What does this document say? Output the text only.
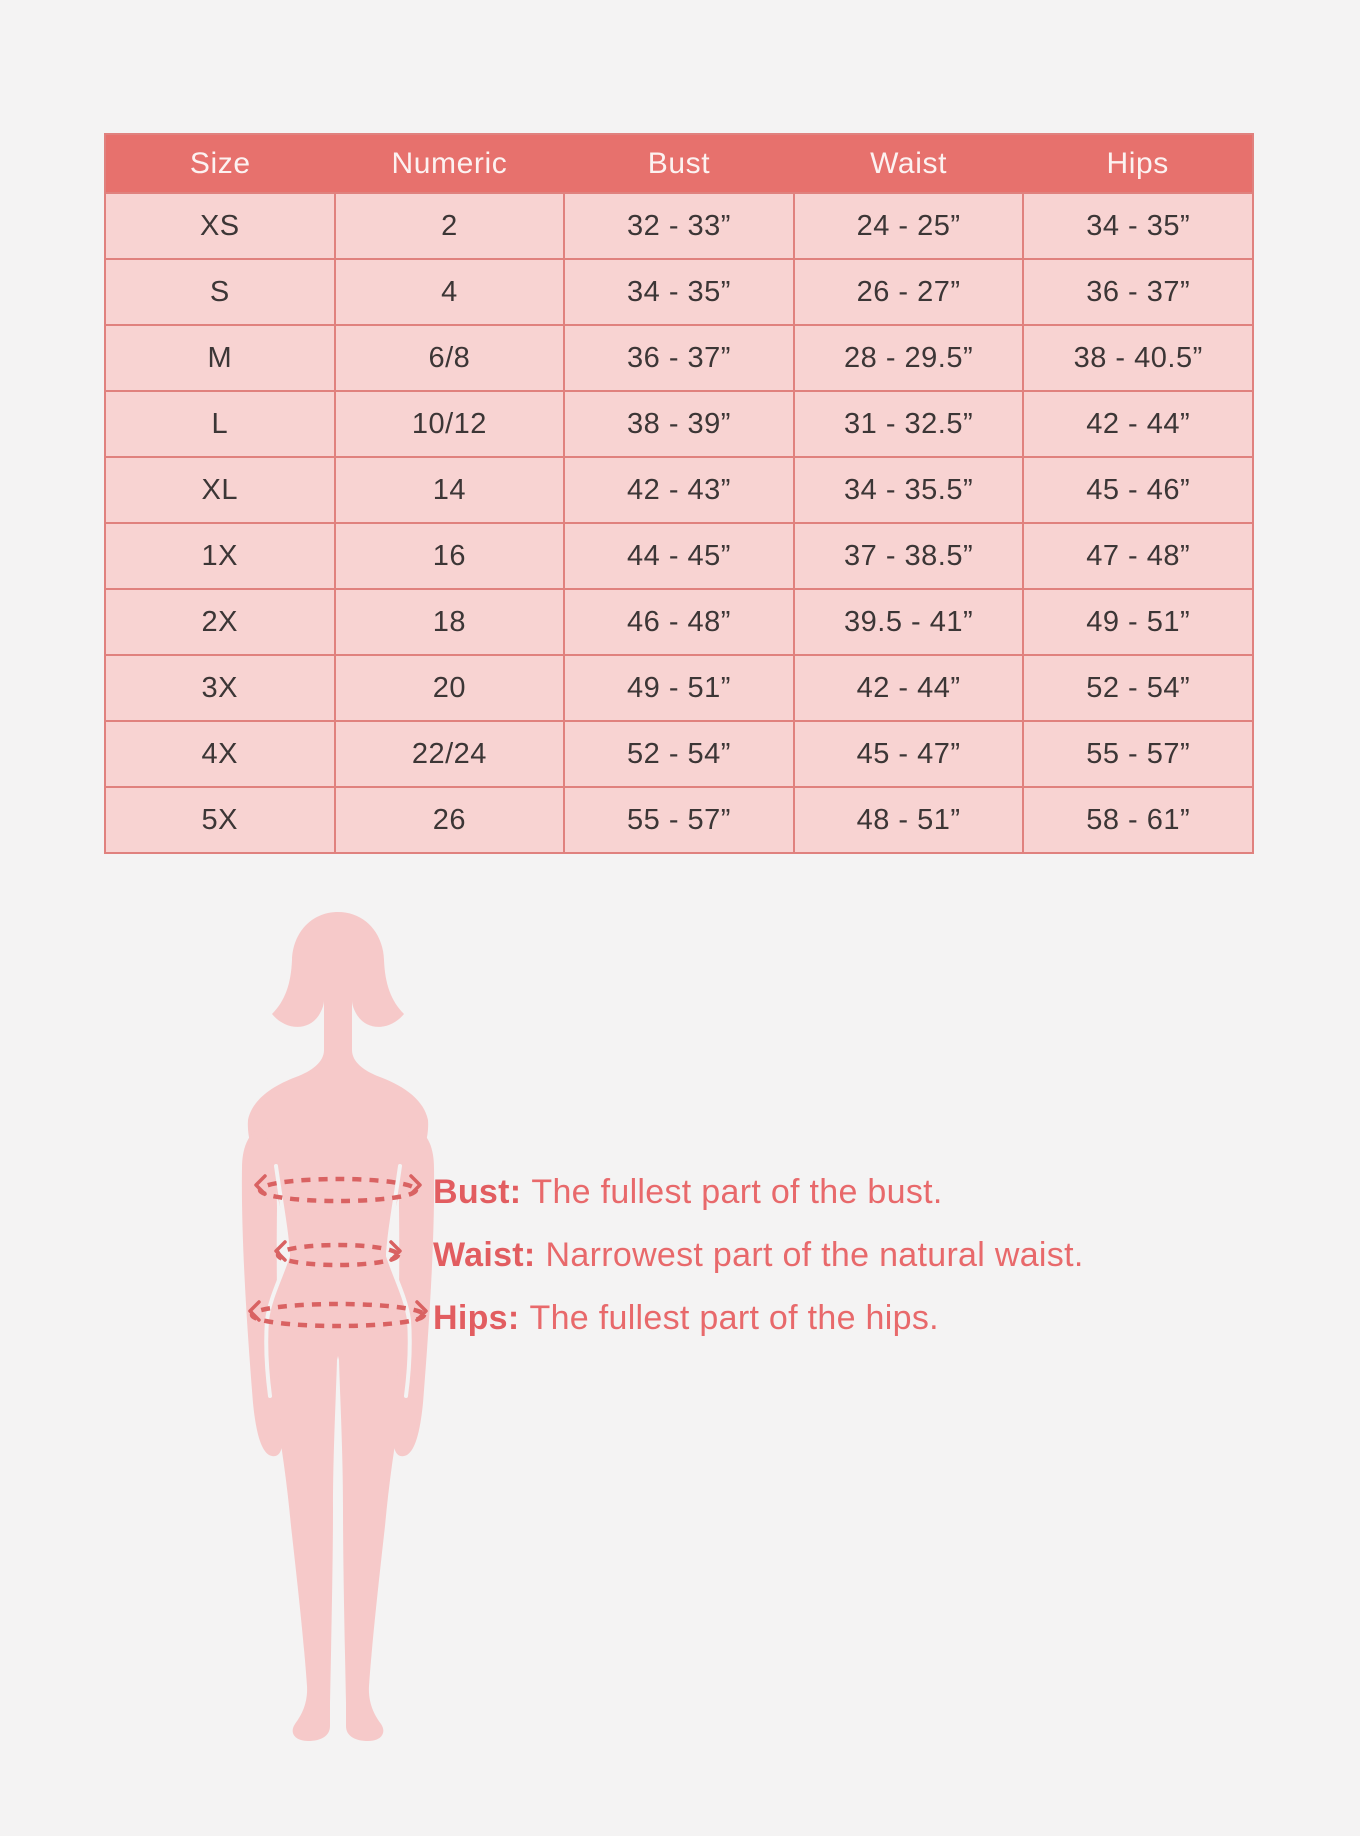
Size	Numeric	Bust	Waist	Hips
XS	2	32 - 33”	24 - 25”	34 - 35”
S	4	34 - 35”	26 - 27”	36 - 37”
M	6/8	36 - 37”	28 - 29.5”	38 - 40.5”
L	10/12	38 - 39”	31 - 32.5”	42 - 44”
XL	14	42 - 43”	34 - 35.5”	45 - 46”
1X	16	44 - 45”	37 - 38.5”	47 - 48”
2X	18	46 - 48”	39.5 - 41”	49 - 51”
3X	20	49 - 51”	42 - 44”	52 - 54”
4X	22/24	52 - 54”	45 - 47”	55 - 57”
5X	26	55 - 57”	48 - 51”	58 - 61”

Bust: The fullest part of the bust.

Waist: Narrowest part of the natural waist.

Hips: The fullest part of the hips.
